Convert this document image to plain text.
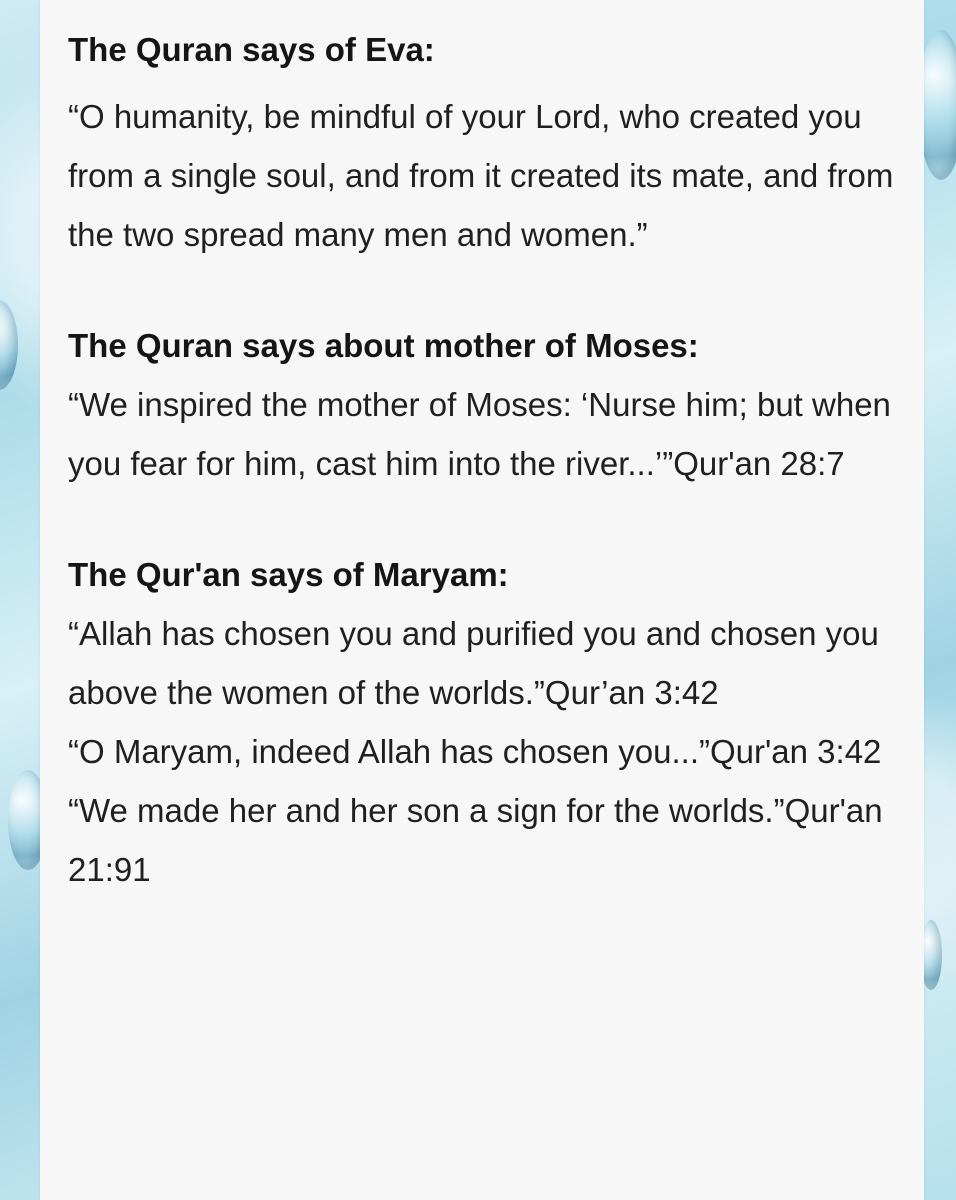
The Quran says of Eva:
“O humanity, be mindful of your Lord, who created you from a single soul, and from it created its mate, and from the two spread many men and women.”
The Quran says about mother of Moses:
“We inspired the mother of Moses: ‘Nurse him; but when you fear for him, cast him into the river...’”Qur'an 28:7
The Qur'an says of Maryam:
“Allah has chosen you and purified you and chosen you above the women of the worlds.”Qur’an 3:42
“O Maryam, indeed Allah has chosen you...”Qur'an 3:42
“We made her and her son a sign for the worlds.”Qur'an 21:91
